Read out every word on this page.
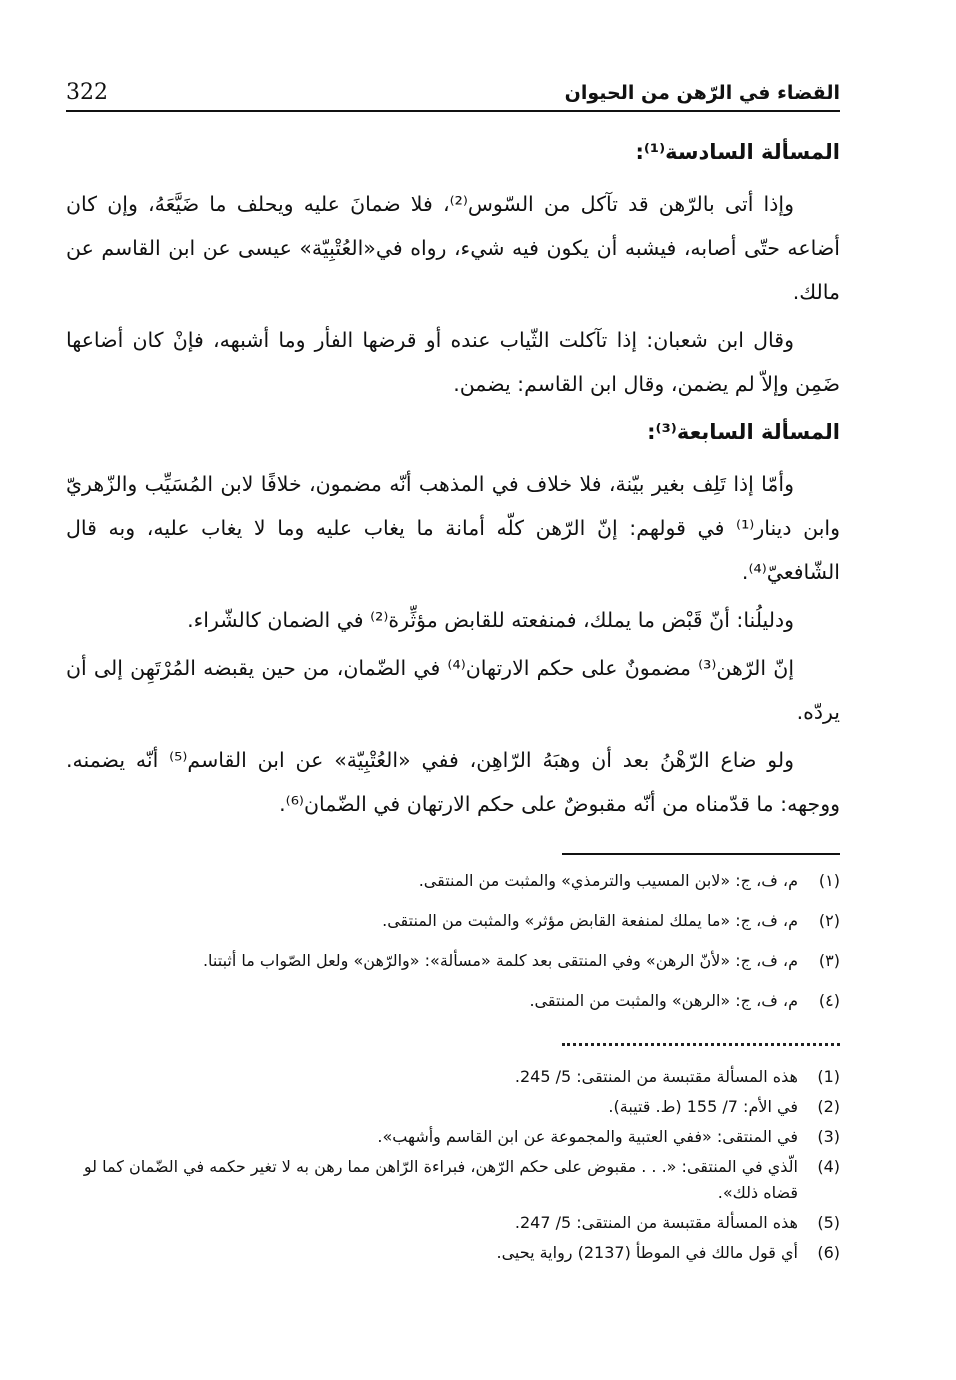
322	القضاء في الرّهن من الحيوان
المسألة السادسة⁽¹⁾:

وإذا أتى بالرّهن قد تآكل من السّوس⁽²⁾، فلا ضمانَ عليه ويحلف ما ضَيَّعَهُ، وإن كان أضاعه حتّى أصابه، فيشبه أن يكون فيه شيء، رواه في«العُتْبِيّة» عيسى عن ابن القاسم عن مالك.

وقال ابن شعبان: إذا تآكلت الثّياب عنده أو قرضها الفأر وما أشبهه، فإنْ كان أضاعها ضَمِن وإلاّ لم يضمن، وقال ابن القاسم: يضمن.

المسألة السابعة⁽³⁾:

وأمّا إذا تَلِف بغير بيّنة، فلا خلاف في المذهب أنّه مضمون، خلافًا لابن المُسَيِّب والزّهريّ وابن دينار⁽¹⁾ في قولهم: إنّ الرّهن كلّه أمانة ما يغاب عليه وما لا يغاب عليه، وبه قال الشّافعيّ⁽⁴⁾.

ودليلُنا: أنّ قَبْض ما يملك، فمنفعته للقابض مؤثِّرة⁽²⁾ في الضمان كالشّراء.

إنّ الرّهن⁽³⁾ مضمونٌ على حكم الارتهان⁽⁴⁾ في الضّمان، من حين يقبضه المُرْتَهِن إلى أن يردّه.

ولو ضاع الرّهْنُ بعد أن وهبَهُ الرّاهِن، ففي «العُتْبِيّة» عن ابن القاسم⁽⁵⁾ أنّه يضمنه. ووجهه: ما قدّمناه من أنّه مقبوضٌ على حكم الارتهان في الضّمان⁽⁶⁾.

(١)
م، ف، ج: «لابن المسيب والترمذي» والمثبت من المنتقى.
(٢)
م، ف، ج: «ما يملك لمنفعة القابض مؤثر» والمثبت من المنتقى.
(٣)
م، ف، ج: «لأنّ الرهن» وفي المنتقى بعد كلمة «مسألة»: «والرّهن» ولعل الصّواب ما أثبتنا.
(٤)
م، ف، ج: «الرهن» والمثبت من المنتقى.
(1)
هذه المسألة مقتبسة من المنتقى: 5/ 245.
(2)
في الأم: 7/ 155 (ط. قتيبة).
(3)
في المنتقى: «ففي العتبية والمجموعة عن ابن القاسم وأشهب».
(4)
الّذي في المنتقى: «. . . مقبوض على حكم الرّهن، فبراءة الرّاهن مما رهن به لا تغير حكمه في الضّمان كما لو قضاه ذلك».
(5)
هذه المسألة مقتبسة من المنتقى: 5/ 247.
(6)
أي قول مالك في الموطأ (2137) رواية يحيى.
